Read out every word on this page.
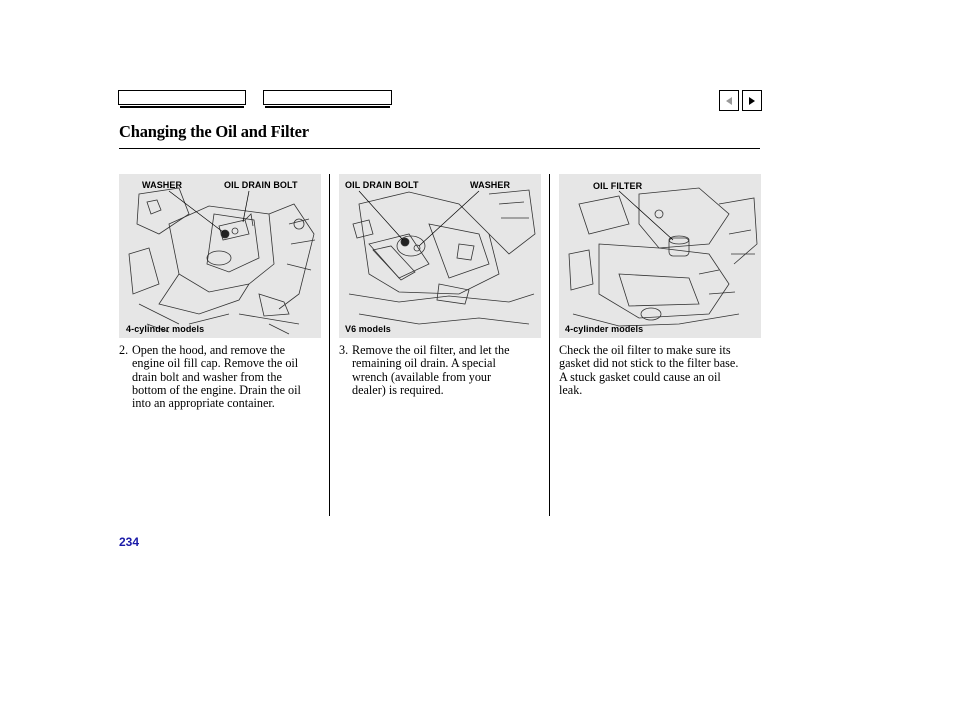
Changing the Oil and Filter
WASHER	OIL DRAIN BOLT
4-cylinder models
OIL DRAIN BOLT	WASHER
V6 models
OIL FILTER
4-cylinder models
2. Open the hood, and remove the
engine oil fill cap. Remove the oil
drain bolt and washer from the
bottom of the engine. Drain the oil
into an appropriate container.
3. Remove the oil filter, and let the
remaining oil drain. A special
wrench (available from your
dealer) is required.
Check the oil filter to make sure its
gasket did not stick to the filter base.
A stuck gasket could cause an oil
leak.
234
